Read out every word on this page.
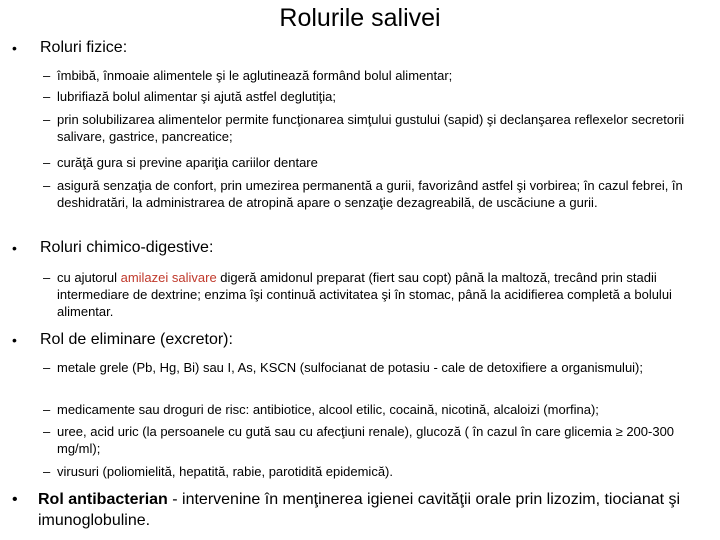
Rolurile salivei
• Roluri fizice:
– îmbibă, înmoaie alimentele şi le aglutinează formând bolul alimentar;
– lubrifiază bolul alimentar şi ajută astfel deglutiţia;
– prin solubilizarea alimentelor permite funcţionarea simţului gustului (sapid) şi declanşarea reflexelor secretorii salivare, gastrice, pancreatice;
– curăţă gura si previne apariţia cariilor dentare
– asigură senzaţia de confort, prin umezirea permanentă a gurii, favorizând astfel şi vorbirea; în cazul febrei, în deshidratări, la administrarea de atropină apare o senzaţie dezagreabilă, de uscăciune a gurii.
• Roluri chimico-digestive:
– cu ajutorul amilazei salivare digeră amidonul preparat (fiert sau copt) până la maltoză, trecând prin stadii intermediare de dextrine; enzima îşi continuă activitatea şi în stomac, până la acidifierea completă a bolului alimentar.
• Rol de eliminare (excretor):
– metale grele (Pb, Hg, Bi) sau I, As, KSCN (sulfocianat de potasiu - cale de detoxifiere a organismului);
– medicamente sau droguri de risc: antibiotice, alcool etilic, cocaină, nicotină, alcaloizi (morfina);
– uree, acid uric (la persoanele cu gută sau cu afecţiuni renale), glucoză ( în cazul în care glicemia ≥ 200-300 mg/ml);
– virusuri (poliomielită, hepatită, rabie, parotidită epidemică).
• Rol antibacterian - intervenine în menţinerea igienei cavităţii orale prin lizozim, tiocianat şi imunoglobuline.
